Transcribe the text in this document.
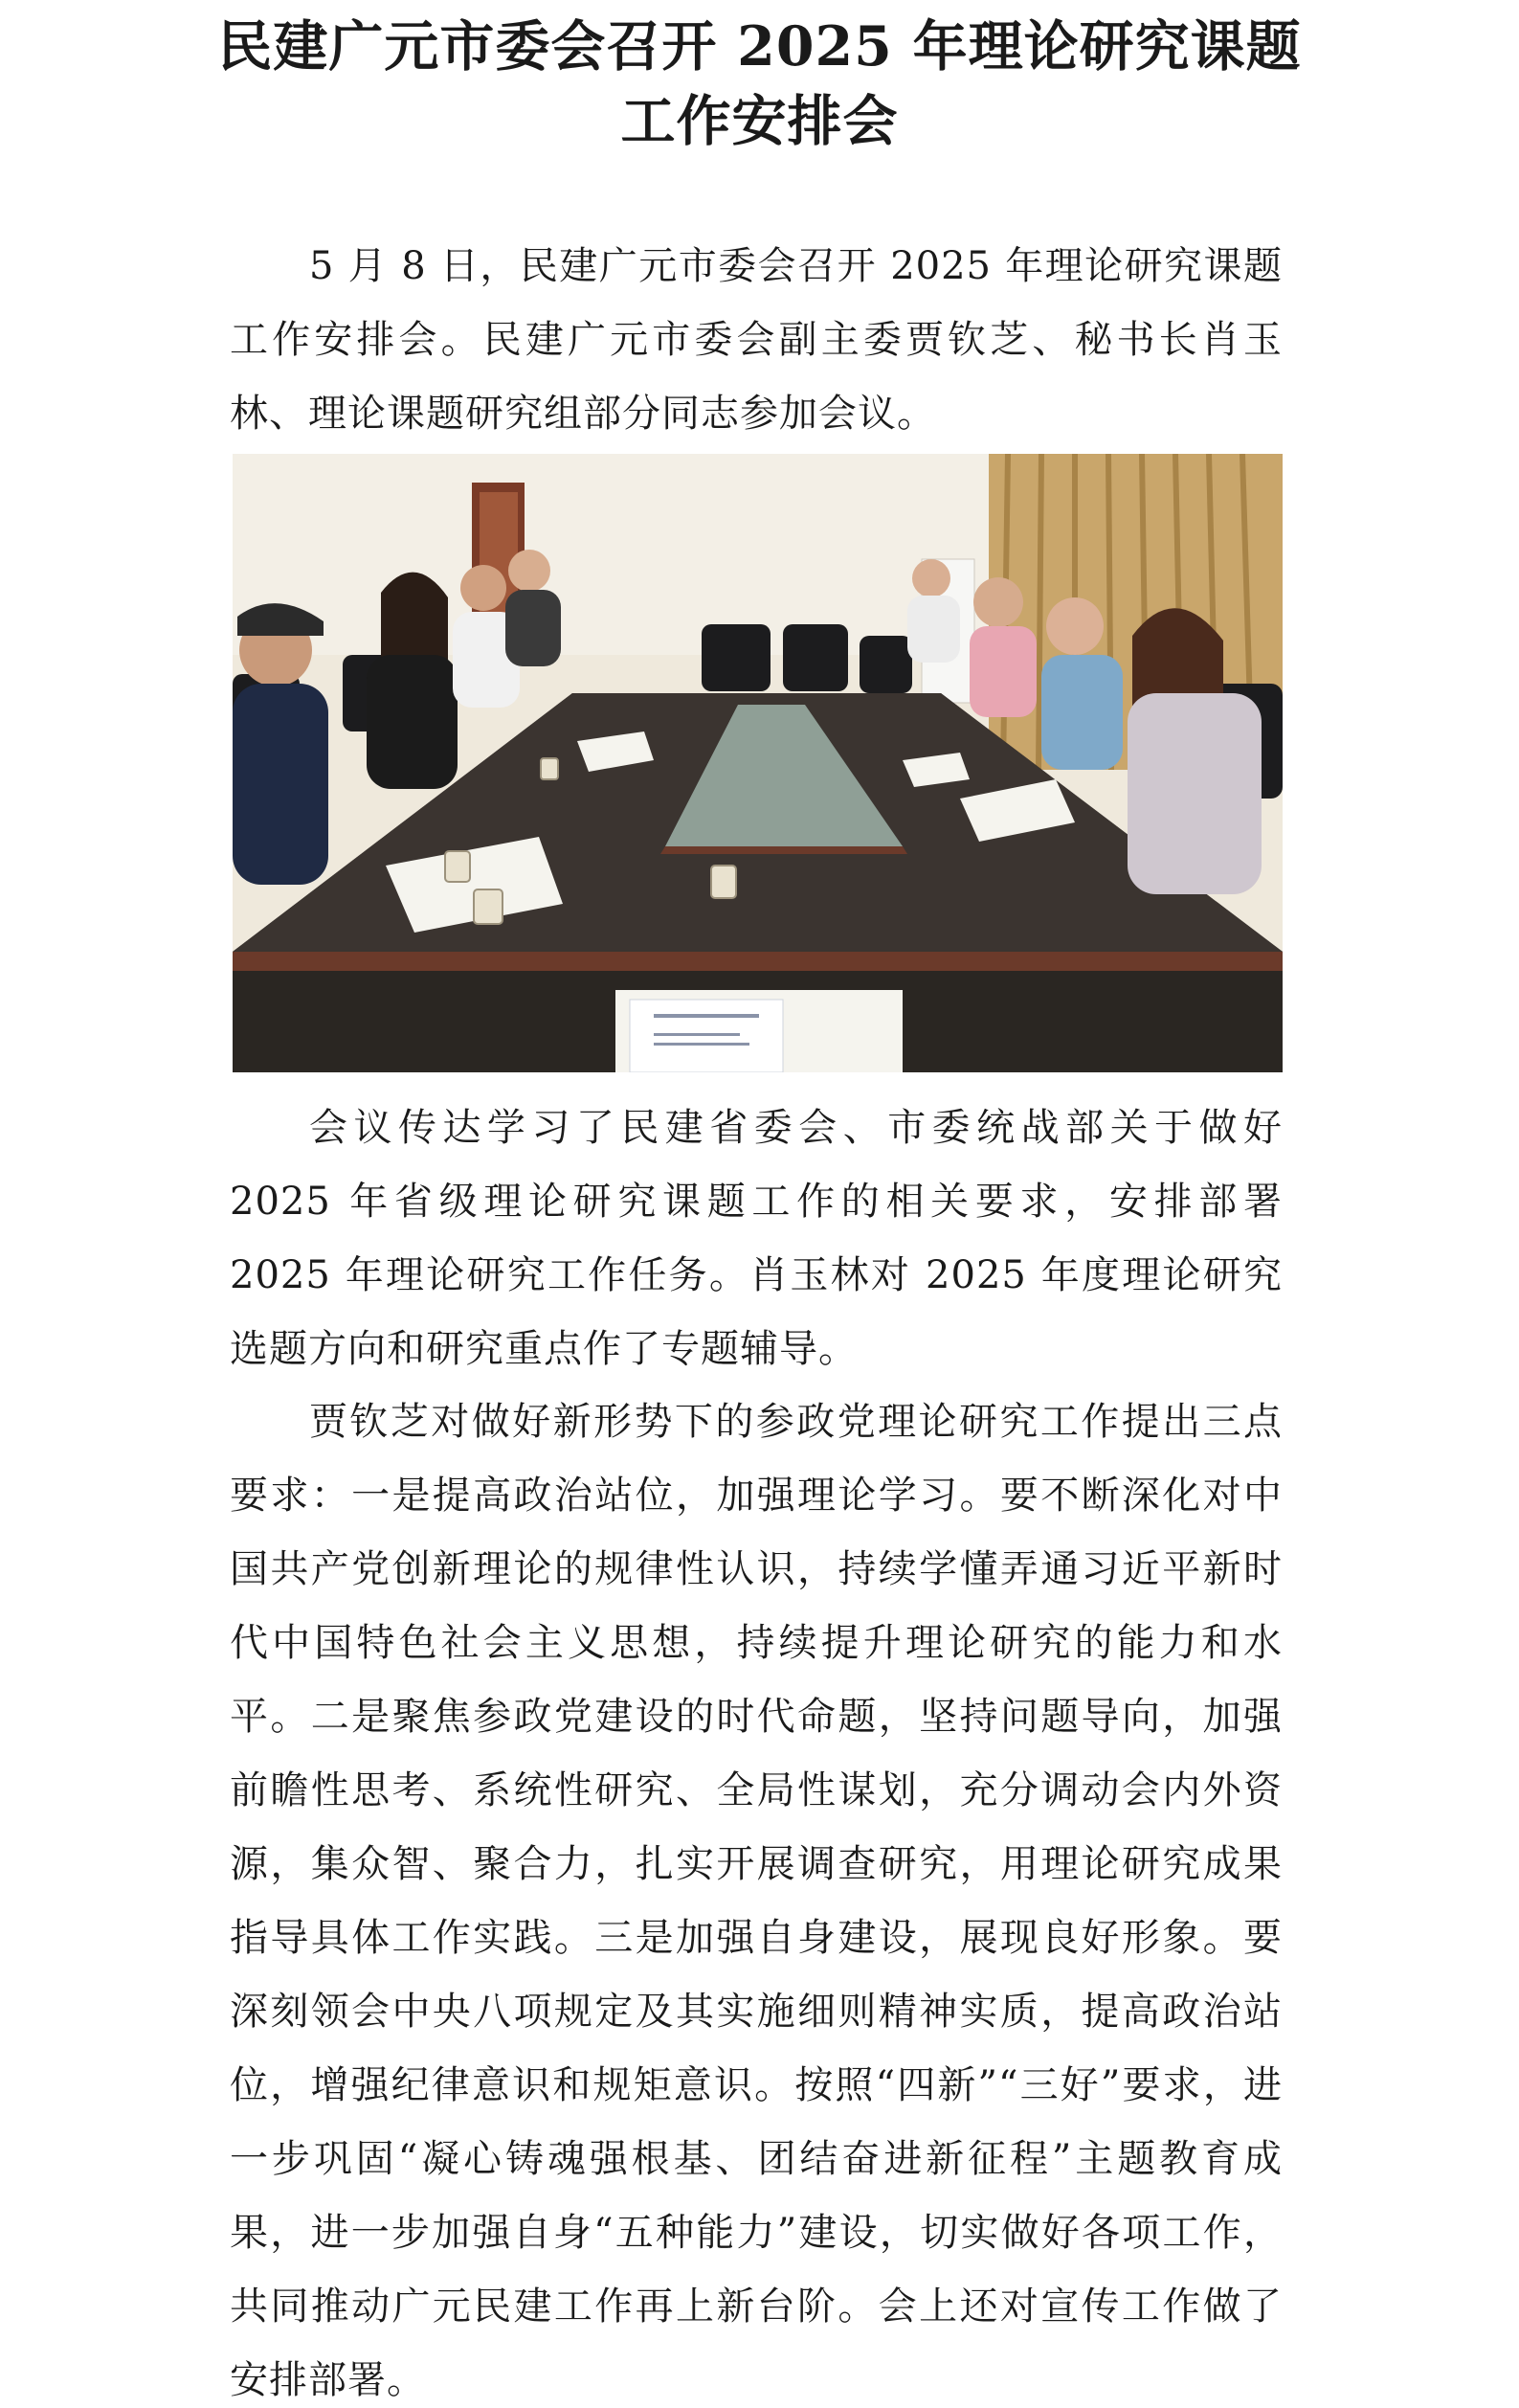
民建广元市委会召开 2025 年理论研究课题
工作安排会

5 月 8 日，民建广元市委会召开 2025 年理论研究课题工作安排会。民建广元市委会副主委贾钦芝、秘书长肖玉林、理论课题研究组部分同志参加会议。

会议传达学习了民建省委会、市委统战部关于做好 2025 年省级理论研究课题工作的相关要求，安排部署 2025 年理论研究工作任务。肖玉林对 2025 年度理论研究选题方向和研究重点作了专题辅导。

贾钦芝对做好新形势下的参政党理论研究工作提出三点要求：一是提高政治站位，加强理论学习。要不断深化对中国共产党创新理论的规律性认识，持续学懂弄通习近平新时代中国特色社会主义思想，持续提升理论研究的能力和水平。二是聚焦参政党建设的时代命题，坚持问题导向，加强前瞻性思考、系统性研究、全局性谋划，充分调动会内外资源，集众智、聚合力，扎实开展调查研究，用理论研究成果指导具体工作实践。三是加强自身建设，展现良好形象。要深刻领会中央八项规定及其实施细则精神实质，提高政治站位，增强纪律意识和规矩意识。按照“四新”“三好”要求，进一步巩固“凝心铸魂强根基、团结奋进新征程”主题教育成果，进一步加强自身“五种能力”建设，切实做好各项工作，共同推动广元民建工作再上新台阶。会上还对宣传工作做了安排部署。
